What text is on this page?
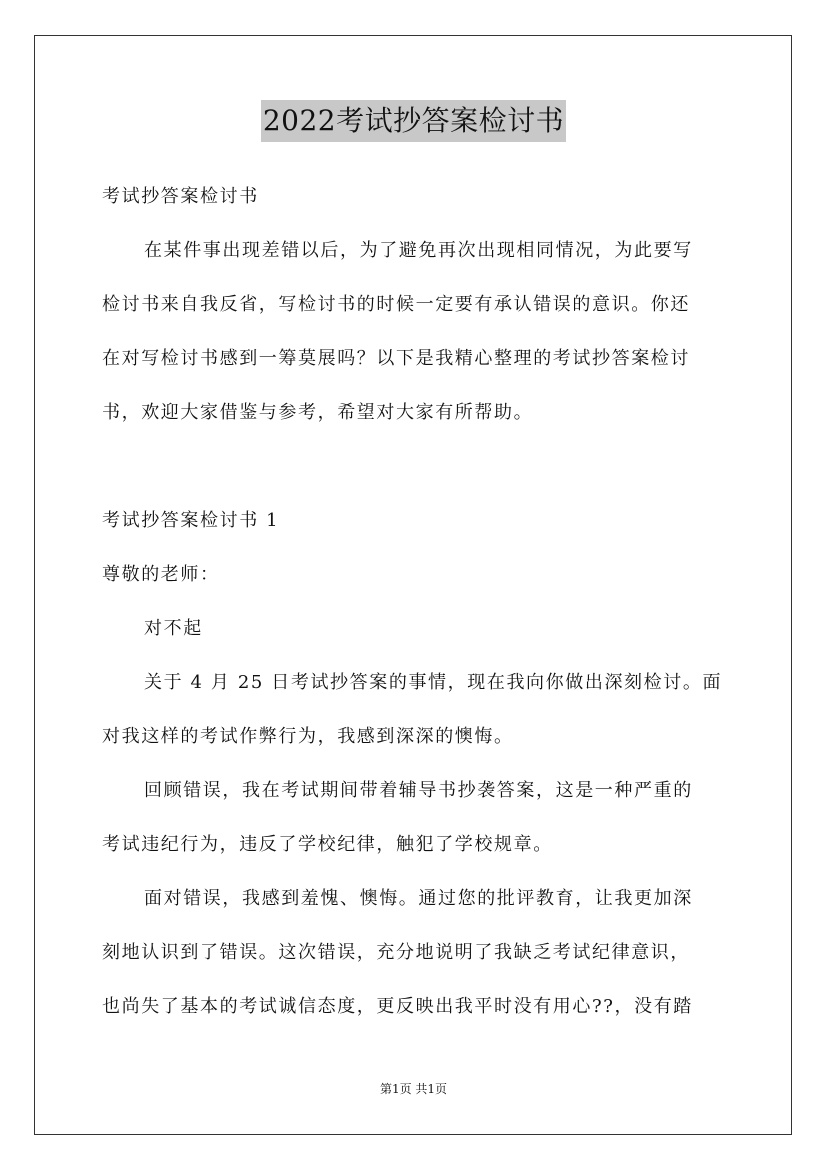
2022考试抄答案检讨书
考试抄答案检讨书
在某件事出现差错以后，为了避免再次出现相同情况，为此要写
检讨书来自我反省，写检讨书的时候一定要有承认错误的意识。你还
在对写检讨书感到一筹莫展吗？以下是我精心整理的考试抄答案检讨
书，欢迎大家借鉴与参考，希望对大家有所帮助。
考试抄答案检讨书 1
尊敬的老师：
对不起
关于 4 月 25 日考试抄答案的事情，现在我向你做出深刻检讨。面
对我这样的考试作弊行为，我感到深深的懊悔。
回顾错误，我在考试期间带着辅导书抄袭答案，这是一种严重的
考试违纪行为，违反了学校纪律，触犯了学校规章。
面对错误，我感到羞愧、懊悔。通过您的批评教育，让我更加深
刻地认识到了错误。这次错误，充分地说明了我缺乏考试纪律意识，
也尚失了基本的考试诚信态度，更反映出我平时没有用心??，没有踏
第1页 共1页
